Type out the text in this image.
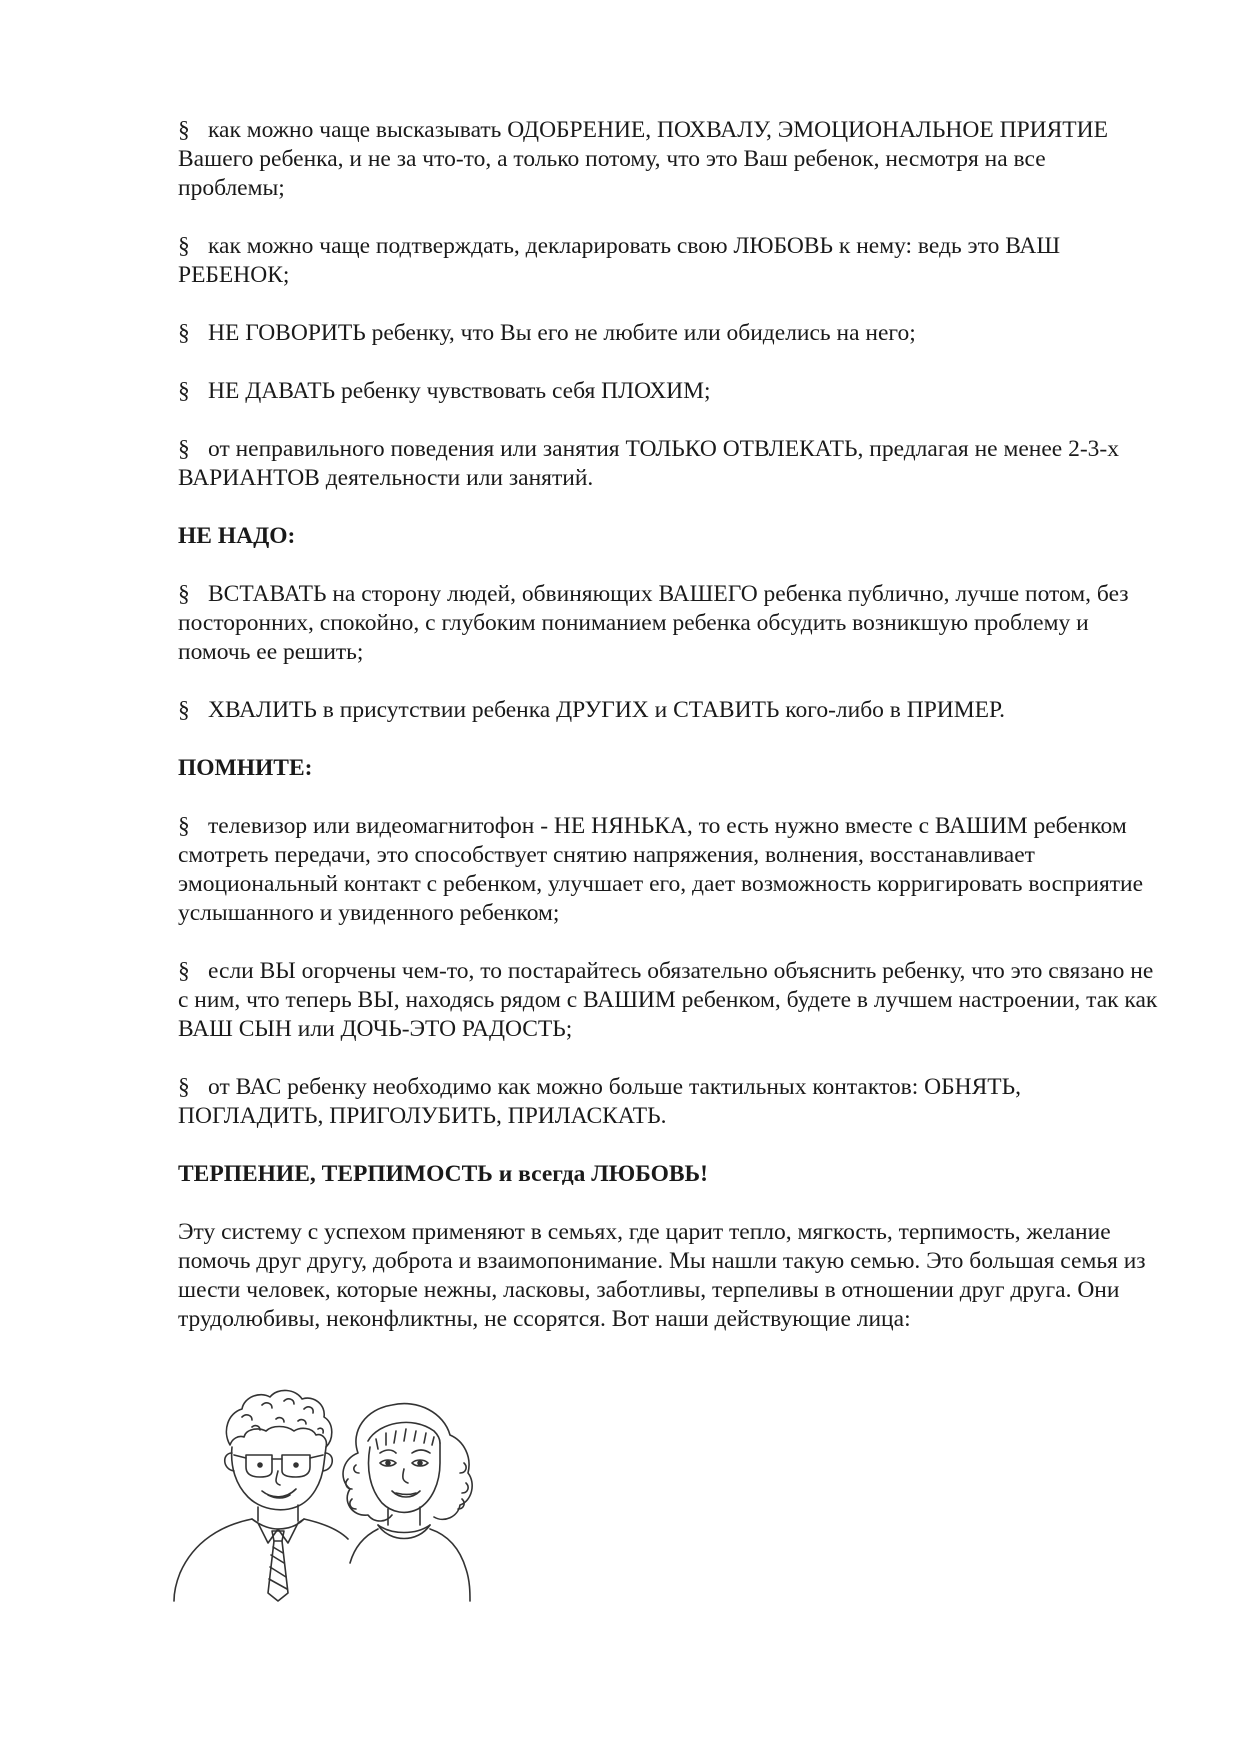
§ как можно чаще высказывать ОДОБРЕНИЕ, ПОХВАЛУ, ЭМОЦИОНАЛЬНОЕ ПРИЯТИЕ Вашего ребенка, и не за что-то, а только потому, что это Ваш ребенок, несмотря на все проблемы;

§ как можно чаще подтверждать, декларировать свою ЛЮБОВЬ к нему: ведь это ВАШ РЕБЕНОК;

§ НЕ ГОВОРИТЬ ребенку, что Вы его не любите или обиделись на него;

§ НЕ ДАВАТЬ ребенку чувствовать себя ПЛОХИМ;

§ от неправильного поведения или занятия ТОЛЬКО ОТВЛЕКАТЬ, предлагая не менее 2-3-х ВАРИАНТОВ деятельности или занятий.

НЕ НАДО:

§ ВСТАВАТЬ на сторону людей, обвиняющих ВАШЕГО ребенка публично, лучше потом, без посторонних, спокойно, с глубоким пониманием ребенка обсудить возникшую проблему и помочь ее решить;

§ ХВАЛИТЬ в присутствии ребенка ДРУГИХ и СТАВИТЬ кого-либо в ПРИМЕР.

ПОМНИТЕ:

§ телевизор или видеомагнитофон - НЕ НЯНЬКА, то есть нужно вместе с ВАШИМ ребенком смотреть передачи, это способствует снятию напряжения, волнения, восстанавливает эмоциональный контакт с ребенком, улучшает его, дает возможность корригировать восприятие услышанного и увиденного ребенком;

§ если ВЫ огорчены чем-то, то постарайтесь обязательно объяснить ребенку, что это связано не с ним, что теперь ВЫ, находясь рядом с ВАШИМ ребенком, будете в лучшем настроении, так как ВАШ СЫН или ДОЧЬ-ЭТО РАДОСТЬ;

§ от ВАС ребенку необходимо как можно больше тактильных контактов: ОБНЯТЬ, ПОГЛАДИТЬ, ПРИГОЛУБИТЬ, ПРИЛАСКАТЬ.

ТЕРПЕНИЕ, ТЕРПИМОСТЬ и всегда ЛЮБОВЬ!

Эту систему с успехом применяют в семьях, где царит тепло, мягкость, терпимость, желание помочь друг другу, доброта и взаимопонимание. Мы нашли такую семью. Это большая семья из шести человек, которые нежны, ласковы, заботливы, терпеливы в отношении друг друга. Они трудолюбивы, неконфликтны, не ссорятся. Вот наши действующие лица:
